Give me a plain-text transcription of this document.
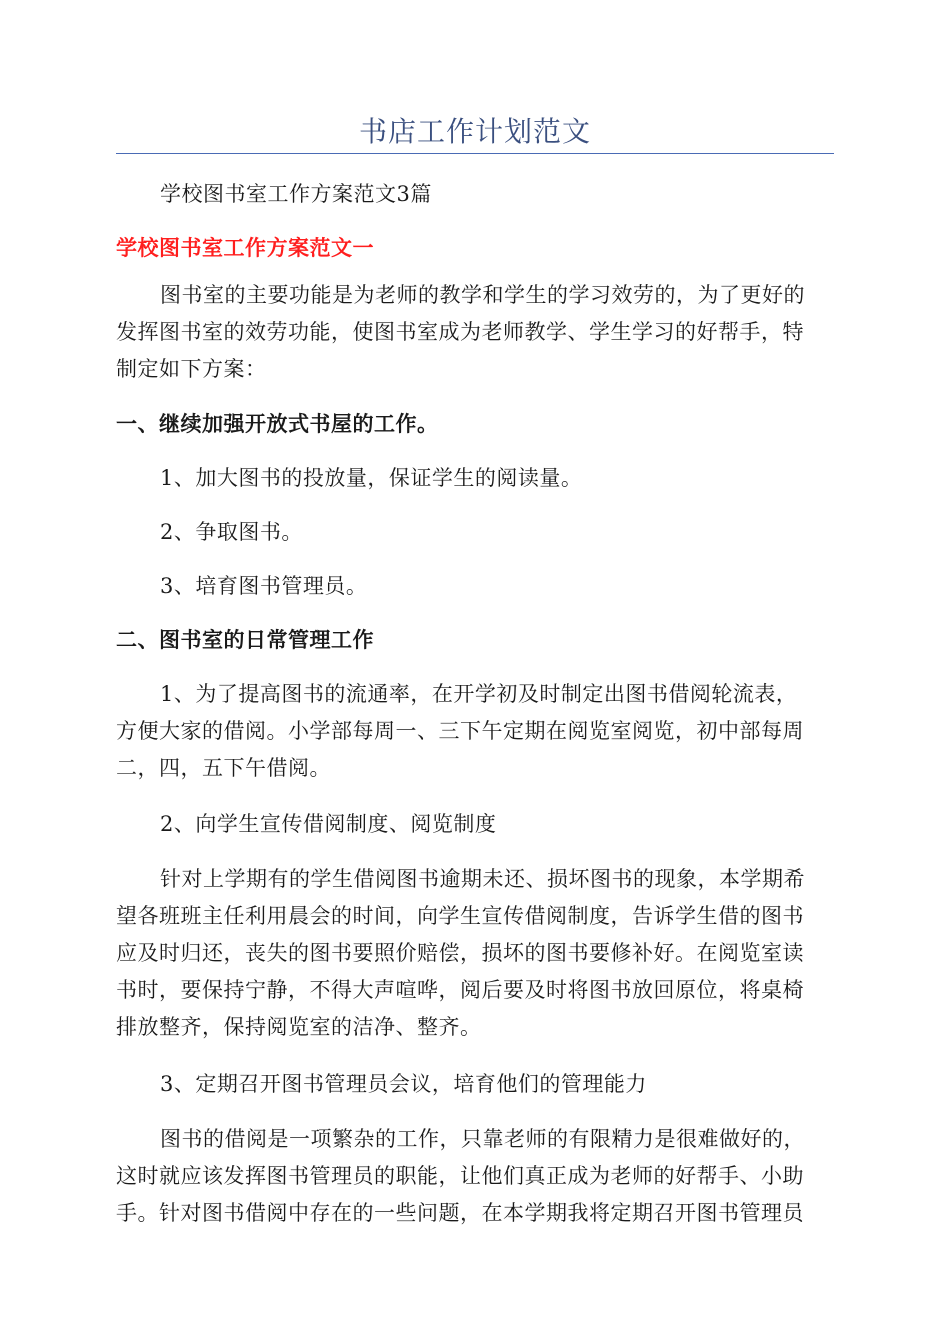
书店工作计划范文
学校图书室工作方案范文3篇
学校图书室工作方案范文一
图书室的主要功能是为老师的教学和学生的学习效劳的，为了更好的
发挥图书室的效劳功能，使图书室成为老师教学、学生学习的好帮手，特
制定如下方案：
一、继续加强开放式书屋的工作。
1、加大图书的投放量，保证学生的阅读量。
2、争取图书。
3、培育图书管理员。
二、图书室的日常管理工作
1、为了提高图书的流通率，在开学初及时制定出图书借阅轮流表，
方便大家的借阅。小学部每周一、三下午定期在阅览室阅览，初中部每周
二，四，五下午借阅。
2、向学生宣传借阅制度、阅览制度
针对上学期有的学生借阅图书逾期未还、损坏图书的现象，本学期希
望各班班主任利用晨会的时间，向学生宣传借阅制度，告诉学生借的图书
应及时归还，丧失的图书要照价赔偿，损坏的图书要修补好。在阅览室读
书时，要保持宁静，不得大声喧哗，阅后要及时将图书放回原位，将桌椅
排放整齐，保持阅览室的洁净、整齐。
3、定期召开图书管理员会议，培育他们的管理能力
图书的借阅是一项繁杂的工作，只靠老师的有限精力是很难做好的，
这时就应该发挥图书管理员的职能，让他们真正成为老师的好帮手、小助
手。针对图书借阅中存在的一些问题，在本学期我将定期召开图书管理员
